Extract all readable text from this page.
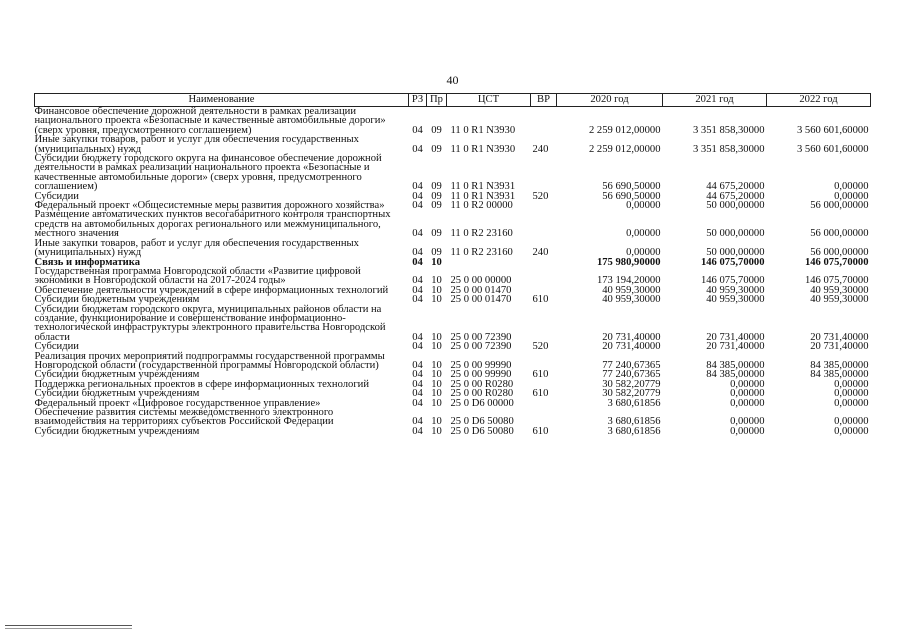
40
Наименование	РЗ	Пр	ЦСТ	ВР	2020 год	2021 год	2022 год
Финансовое обеспечение дорожной деятельности в рамках реализации национального проекта «Безопасные и качественные автомобильные дороги» (сверх уровня, предусмотренного соглашением)	04	09	11 0 R1 N3930		2 259 012,00000	3 351 858,30000	3 560 601,60000
Иные закупки товаров, работ и услуг для обеспечения государственных (муниципальных) нужд	04	09	11 0 R1 N3930	240	2 259 012,00000	3 351 858,30000	3 560 601,60000
Субсидии бюджету городского округа на финансовое обеспечение дорожной деятельности в рамках реализации национального проекта «Безопасные и качественные автомобильные дороги» (сверх уровня, предусмотренного соглашением)	04	09	11 0 R1 N3931		56 690,50000	44 675,20000	0,00000
Субсидии	04	09	11 0 R1 N3931	520	56 690,50000	44 675,20000	0,00000
Федеральный проект «Общесистемные меры развития дорожного хозяйства»	04	09	11 0 R2 00000		0,00000	50 000,00000	56 000,00000
Размещение автоматических пунктов весогабаритного контроля транспортных средств на автомобильных дорогах регионального или межмуниципального, местного значения	04	09	11 0 R2 23160		0,00000	50 000,00000	56 000,00000
Иные закупки товаров, работ и услуг для обеспечения государственных (муниципальных) нужд	04	09	11 0 R2 23160	240	0,00000	50 000,00000	56 000,00000
Связь и информатика	04	10			175 980,90000	146 075,70000	146 075,70000
Государственная программа Новгородской области «Развитие цифровой экономики в Новгородской области на 2017-2024 годы»	04	10	25 0 00 00000		173 194,20000	146 075,70000	146 075,70000
Обеспечение деятельности учреждений в сфере информационных технологий	04	10	25 0 00 01470		40 959,30000	40 959,30000	40 959,30000
Субсидии бюджетным учреждениям	04	10	25 0 00 01470	610	40 959,30000	40 959,30000	40 959,30000
Субсидии бюджетам городского округа, муниципальных районов области на создание, функционирование и совершенствование информационно-технологической инфраструктуры электронного правительства Новгородской области	04	10	25 0 00 72390		20 731,40000	20 731,40000	20 731,40000
Субсидии	04	10	25 0 00 72390	520	20 731,40000	20 731,40000	20 731,40000
Реализация прочих мероприятий подпрограммы государственной программы Новгородской области (государственной программы Новгородской области)	04	10	25 0 00 99990		77 240,67365	84 385,00000	84 385,00000
Субсидии бюджетным учреждениям	04	10	25 0 00 99990	610	77 240,67365	84 385,00000	84 385,00000
Поддержка региональных проектов в сфере информационных технологий	04	10	25 0 00 R0280		30 582,20779	0,00000	0,00000
Субсидии бюджетным учреждениям	04	10	25 0 00 R0280	610	30 582,20779	0,00000	0,00000
Федеральный проект «Цифровое государственное управление»	04	10	25 0 D6 00000		3 680,61856	0,00000	0,00000
Обеспечение развития системы межведомственного электронного взаимодействия на территориях субъектов Российской Федерации	04	10	25 0 D6 50080		3 680,61856	0,00000	0,00000
Субсидии бюджетным учреждениям	04	10	25 0 D6 50080	610	3 680,61856	0,00000	0,00000
